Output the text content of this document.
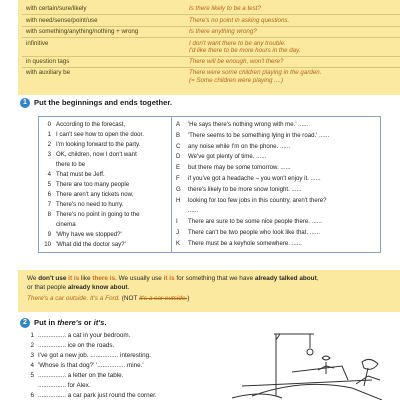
with certain/sure/likely	Is there likely to be a test?
with need/sense/point/use	There's no point in asking questions.
with something/anything/nothing + wrong	Is there anything wrong?
infinitive	I don't want there to be any trouble.
I'd like there to be more hours in the day.
in question tags	There will be enough, won't there?
with auxiliary be	There were some children playing in the garden.
(= Some children were playing ....)
1 Put the beginnings and ends together.
0 According to the forecast,
1 I can't see how to open the door.
2 I'm looking forward to the party.
3 OK, children, now I don't want
there to be
4 That must be Jeff.
5 There are too many people
6 There aren't any tickets now,
7 There's no need to hurry.
8 There's no point in going to the
cinema
9 'Why have we stopped?'
10 'What did the doctor say?'
A 'He says there's nothing wrong with me.' ......
B 'There seems to be something lying in the road.' ......
C any noise while I'm on the phone. ......
D We've got plenty of time. ......
E but there may be some tomorrow. ......
F if you've got a headache – you won't enjoy it. ......
G there's likely to be more snow tonight. ......
H looking for too few jobs in this country, aren't there?
......
I There are sure to be some nice people there. ......
J There can't be two people who look like that. ......
K There must be a keyhole somewhere. ......
We don't use it is like there is. We usually use it is for something that we have already talked about,
or that people already know about.
There's a car outside. It's a Ford. (NOT It's a car outside.)
2 Put in there's or it's.
1 ................ a cat in your bedroom.
2 ................ ice on the roads.
3 I've got a new job. ................ interesting.
4 'Whose is that dog?' '................ mine.'
5 ................ a letter on the table.
................ for Alex.
6 ................ a car park just round the corner.
